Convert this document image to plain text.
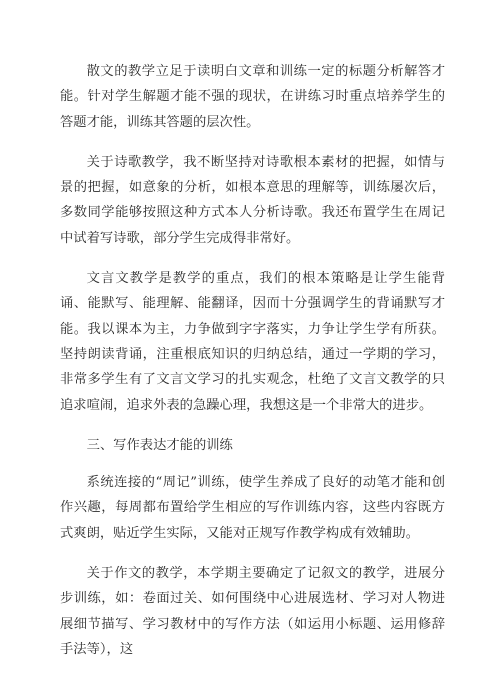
散文的教学立足于读明白文章和训练一定的标题分析解答才能。针对学生解题才能不强的现状，在讲练习时重点培养学生的答题才能，训练其答题的层次性。

关于诗歌教学，我不断坚持对诗歌根本素材的把握，如情与景的把握，如意象的分析，如根本意思的理解等，训练屡次后，多数同学能够按照这种方式本人分析诗歌。我还布置学生在周记中试着写诗歌，部分学生完成得非常好。

文言文教学是教学的重点，我们的根本策略是让学生能背诵、能默写、能理解、能翻译，因而十分强调学生的背诵默写才能。我以课本为主，力争做到字字落实，力争让学生学有所获。坚持朗读背诵，注重根底知识的归纳总结，通过一学期的学习，非常多学生有了文言文学习的扎实观念，杜绝了文言文教学的只追求喧闹，追求外表的急躁心理，我想这是一个非常大的进步。

三、写作表达才能的训练

系统连接的“周记”训练，使学生养成了良好的动笔才能和创作兴趣，每周都布置给学生相应的写作训练内容，这些内容既方式爽朗，贴近学生实际，又能对正规写作教学构成有效辅助。

关于作文的教学，本学期主要确定了记叙文的教学，进展分步训练，如：卷面过关、如何围绕中心进展选材、学习对人物进展细节描写、学习教材中的写作方法（如运用小标题、运用修辞手法等），这
